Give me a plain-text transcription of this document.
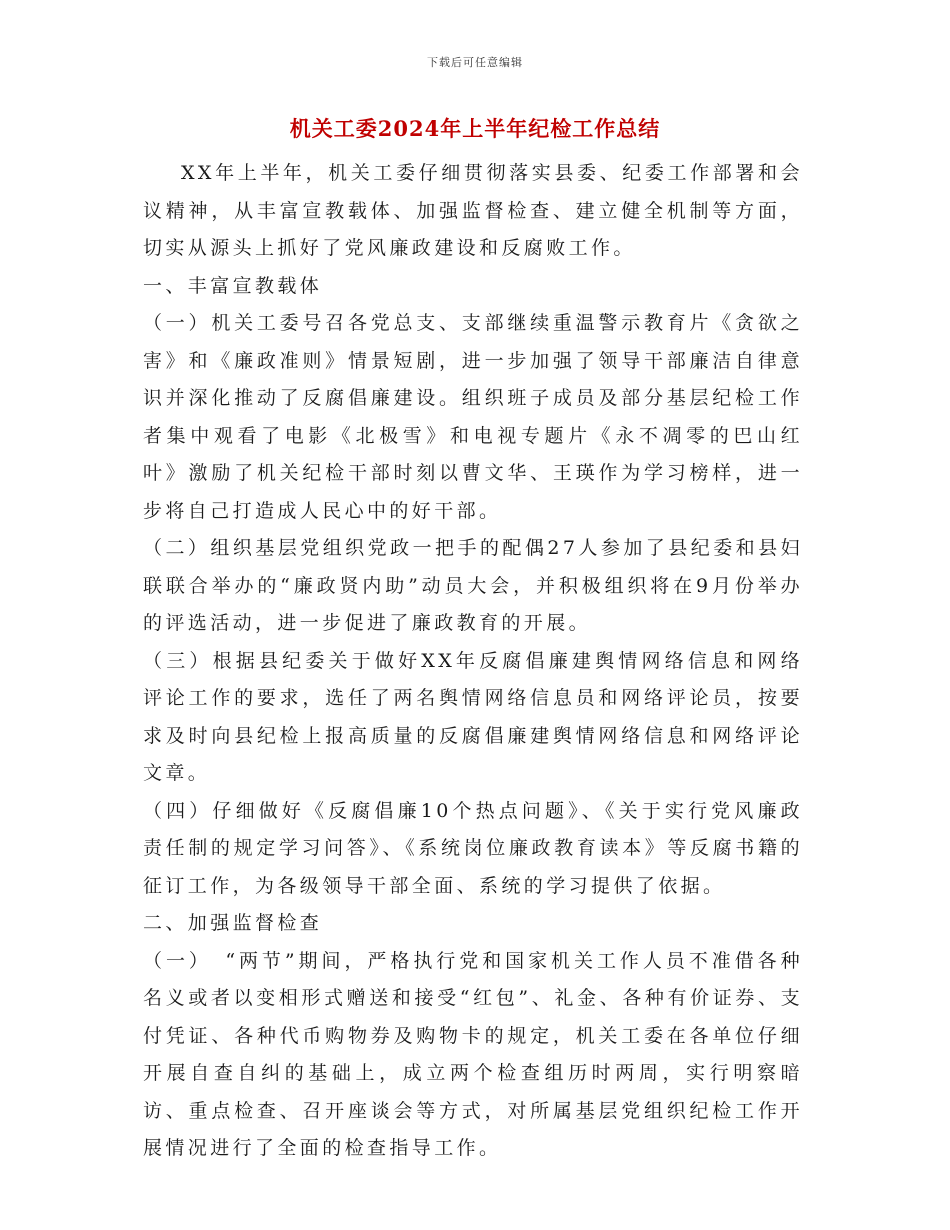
下载后可任意编辑
机关工委2024年上半年纪检工作总结

XX年上半年，机关工委仔细贯彻落实县委、纪委工作部署和会议精神，从丰富宣教载体、加强监督检查、建立健全机制等方面，切实从源头上抓好了党风廉政建设和反腐败工作。

一、丰富宣教载体

（一）机关工委号召各党总支、支部继续重温警示教育片《贪欲之害》和《廉政准则》情景短剧，进一步加强了领导干部廉洁自律意识并深化推动了反腐倡廉建设。组织班子成员及部分基层纪检工作者集中观看了电影《北极雪》和电视专题片《永不凋零的巴山红叶》激励了机关纪检干部时刻以曹文华、王瑛作为学习榜样，进一步将自己打造成人民心中的好干部。

（二）组织基层党组织党政一把手的配偶27人参加了县纪委和县妇联联合举办的“廉政贤内助”动员大会，并积极组织将在9月份举办的评选活动，进一步促进了廉政教育的开展。

（三）根据县纪委关于做好XX年反腐倡廉建舆情网络信息和网络评论工作的要求，选任了两名舆情网络信息员和网络评论员，按要求及时向县纪检上报高质量的反腐倡廉建舆情网络信息和网络评论文章。

（四）仔细做好《反腐倡廉10个热点问题》、《关于实行党风廉政责任制的规定学习问答》、《系统岗位廉政教育读本》等反腐书籍的征订工作，为各级领导干部全面、系统的学习提供了依据。

二、加强监督检查

（一）　“两节”期间，严格执行党和国家机关工作人员不准借各种名义或者以变相形式赠送和接受“红包”、礼金、各种有价证券、支付凭证、各种代币购物券及购物卡的规定，机关工委在各单位仔细开展自查自纠的基础上，成立两个检查组历时两周，实行明察暗访、重点检查、召开座谈会等方式，对所属基层党组织纪检工作开展情况进行了全面的检查指导工作。
